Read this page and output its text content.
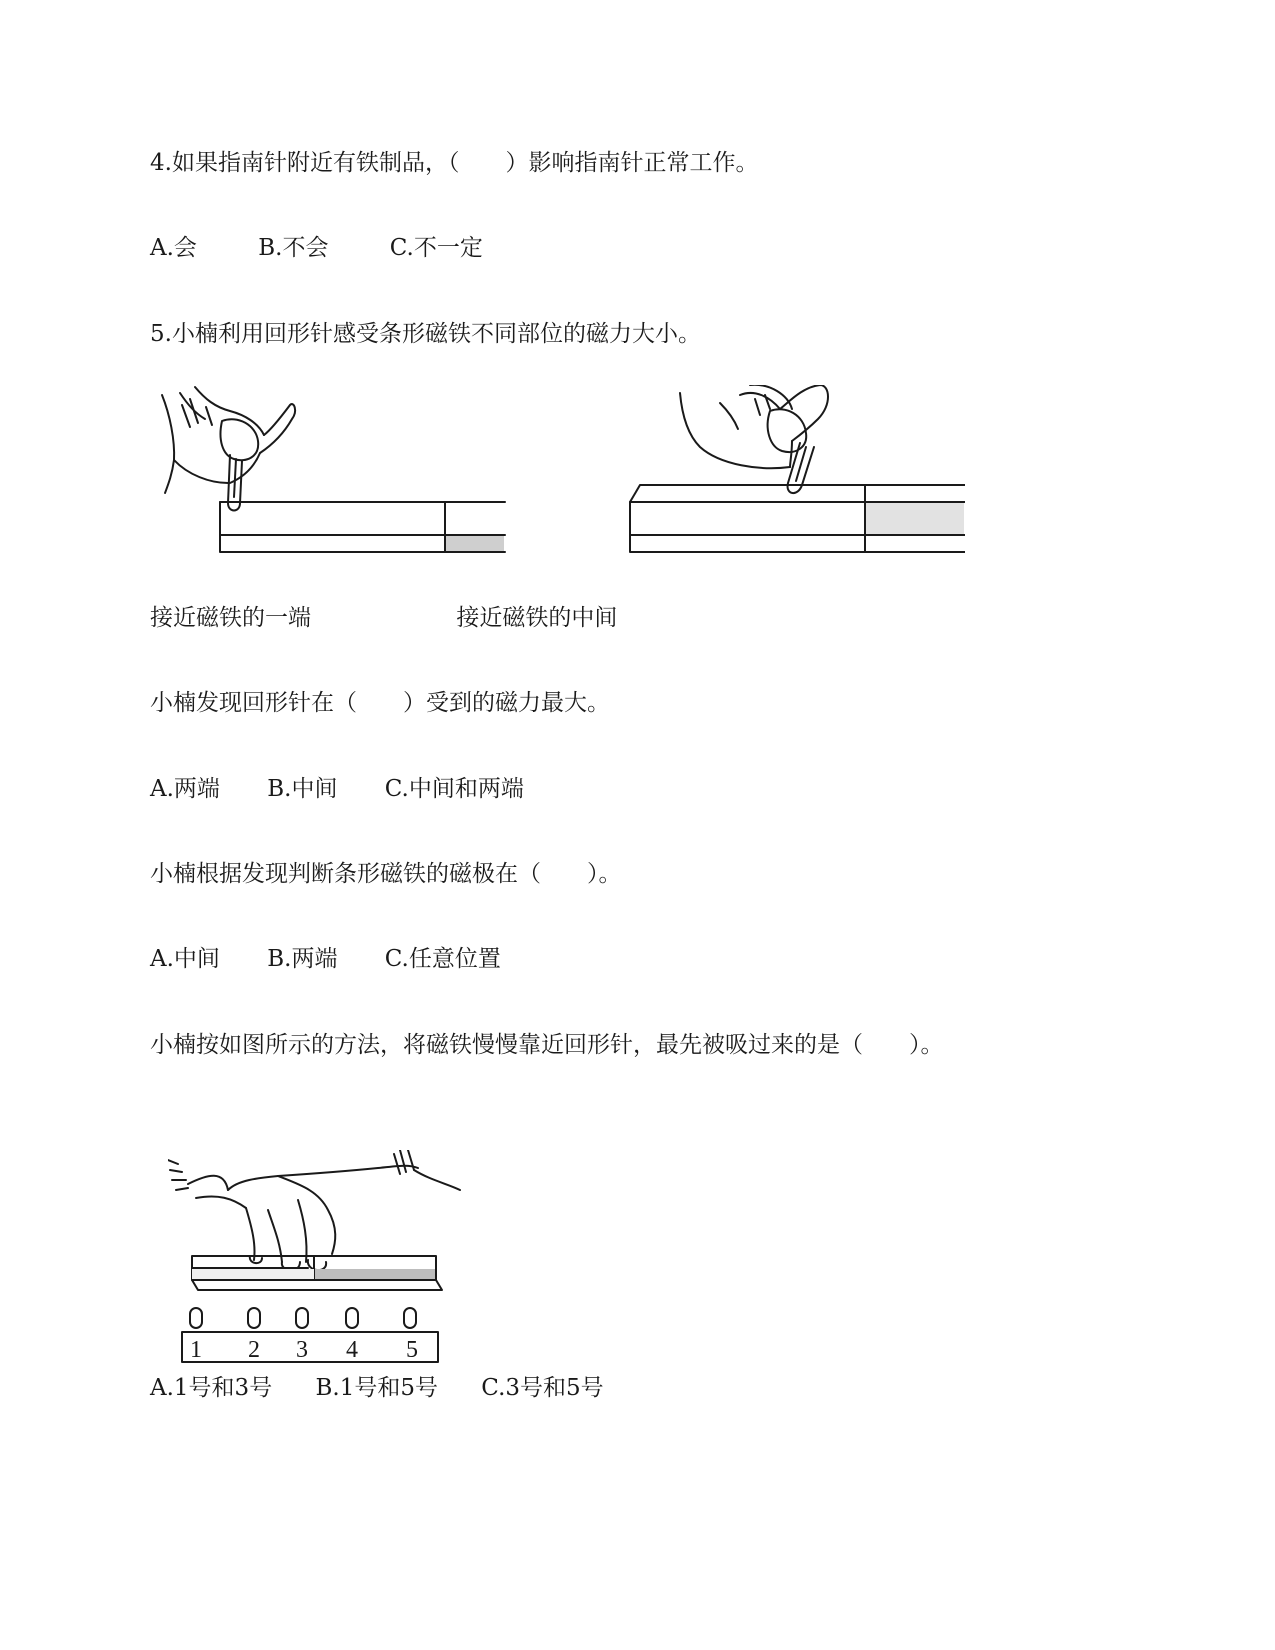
4.如果指南针附近有铁制品，（　　）影响指南针正常工作。
A.会	B.不会	C.不一定
5.小楠利用回形针感受条形磁铁不同部位的磁力大小。
接近磁铁的一端	接近磁铁的中间
小楠发现回形针在（　　）受到的磁力最大。
A.两端 B.中间 C.中间和两端
小楠根据发现判断条形磁铁的磁极在（　　）。
A.中间 B.两端 C.任意位置
小楠按如图所示的方法，将磁铁慢慢靠近回形针，最先被吸过来的是（　　）。
1 2 3 4 5
A.1号和3号 B.1号和5号 C.3号和5号
